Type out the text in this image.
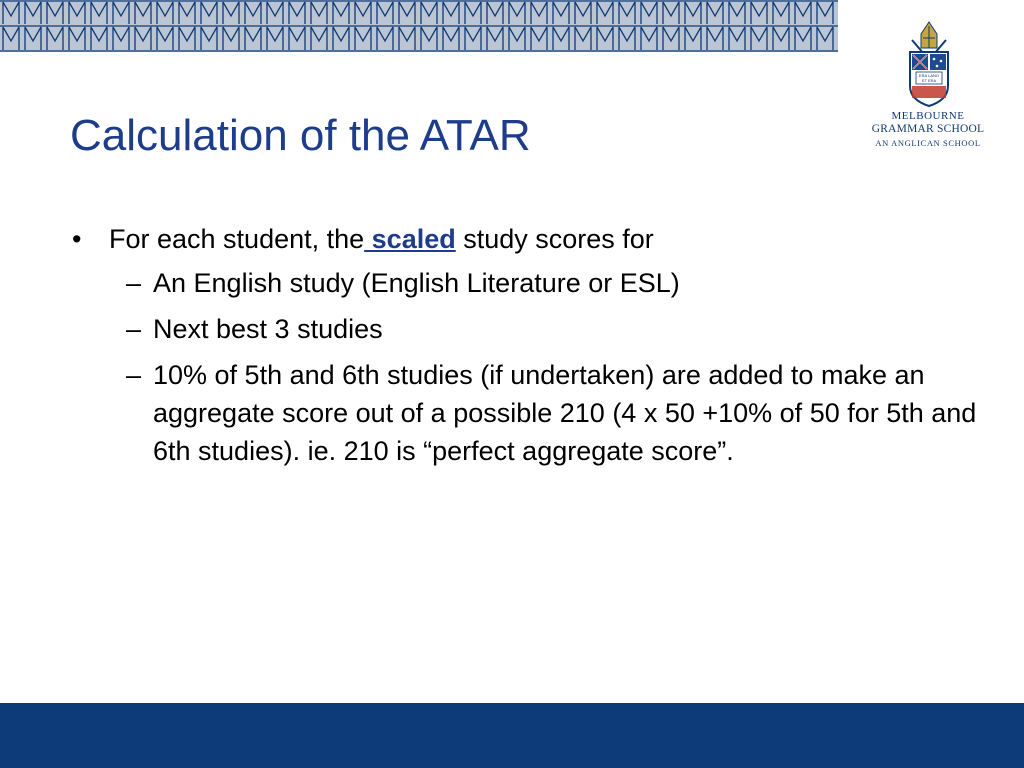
ERA LANO
ET ERA
MELBOURNE
GRAMMAR SCHOOL
AN ANGLICAN SCHOOL
Calculation of the ATAR
• For each student, the scaled study scores for
– An English study (English Literature or ESL)
– Next best 3 studies
– 10% of 5th and 6th studies (if undertaken) are added to make an aggregate score out of a possible 210 (4 x 50 +10% of 50 for 5th and 6th studies). ie. 210 is “perfect aggregate score”.
